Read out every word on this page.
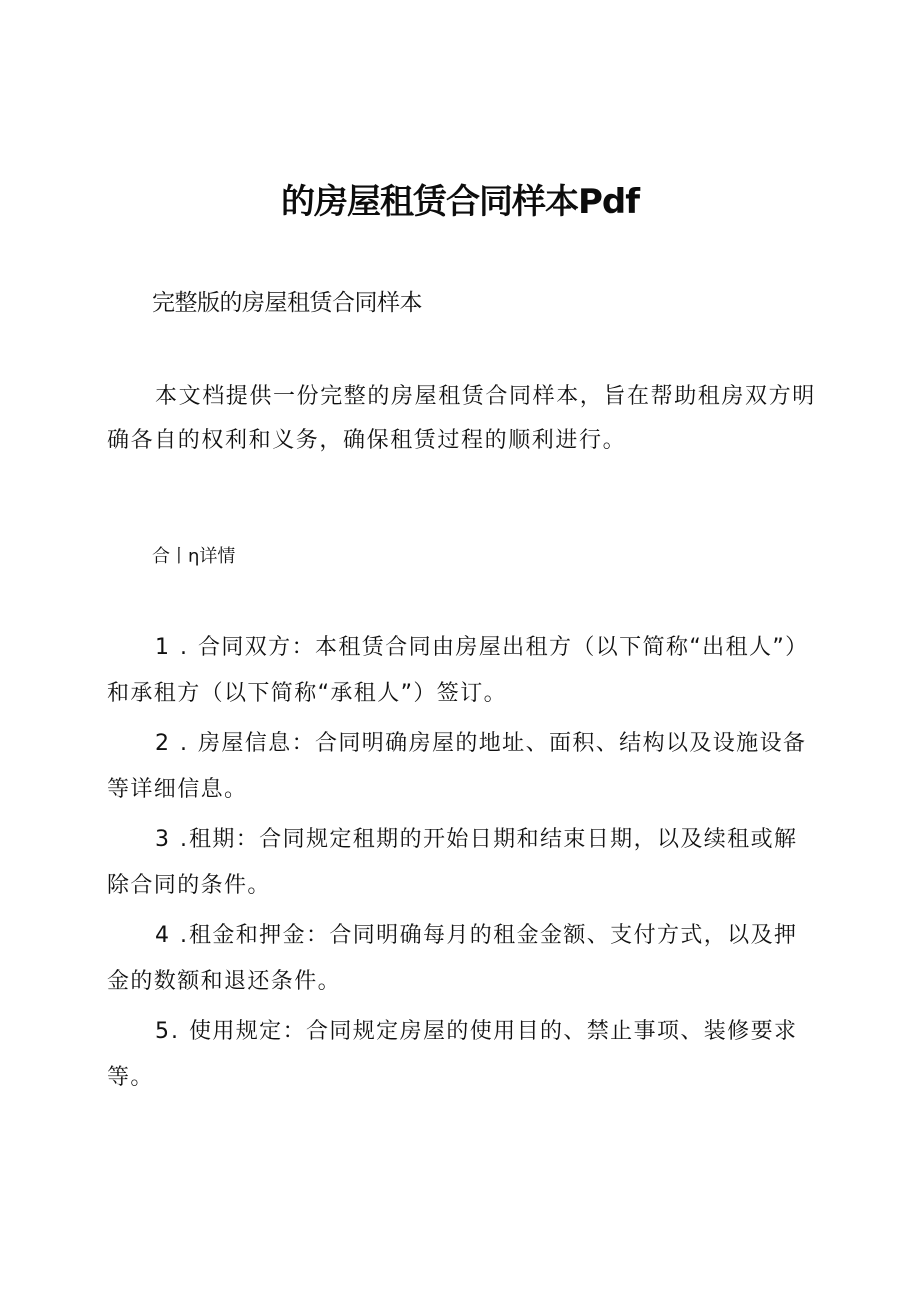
的房屋租赁合同样本Pdf
完整版的房屋租赁合同样本

本文档提供一份完整的房屋租赁合同样本，旨在帮助租房双方明确各自的权利和义务，确保租赁过程的顺利进行。

合丨η详情

1 . 合同双方：本租赁合同由房屋出租方（以下简称“出租人”）和承租方（以下简称“承租人”）签订。

2 . 房屋信息：合同明确房屋的地址、面积、结构以及设施设备等详细信息。

3 .租期：合同规定租期的开始日期和结束日期，以及续租或解除合同的条件。

4 .租金和押金：合同明确每月的租金金额、支付方式，以及押金的数额和退还条件。

5. 使用规定：合同规定房屋的使用目的、禁止事项、装修要求等。
